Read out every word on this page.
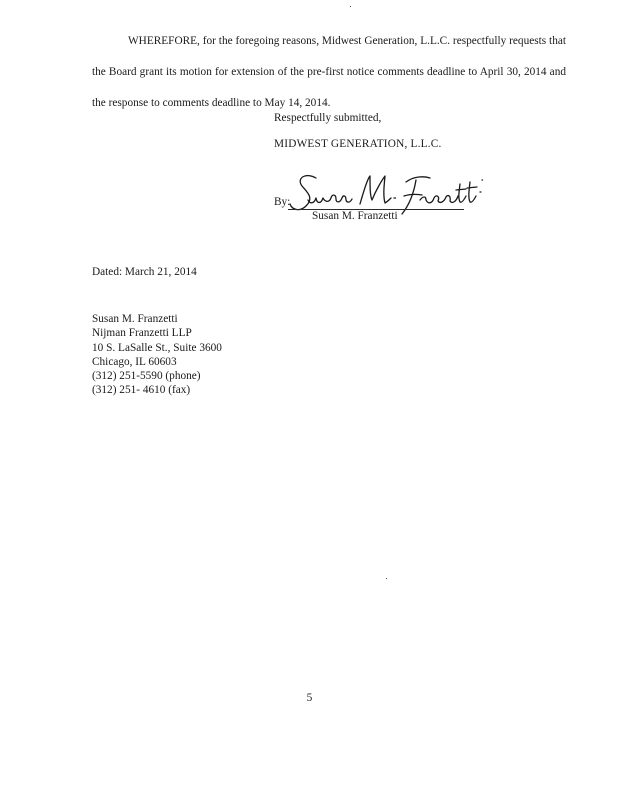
WHEREFORE, for the foregoing reasons, Midwest Generation, L.L.C. respectfully requests that the Board grant its motion for extension of the pre-first notice comments deadline to April 30, 2014 and the response to comments deadline to May 14, 2014.

Respectfully submitted,

MIDWEST GENERATION, L.L.C.

By:

Susan M. Franzetti

Dated: March 21, 2014

Susan M. Franzetti
Nijman Franzetti LLP
10 S. LaSalle St., Suite 3600
Chicago, IL 60603
(312) 251-5590 (phone)
(312) 251- 4610 (fax)
5
